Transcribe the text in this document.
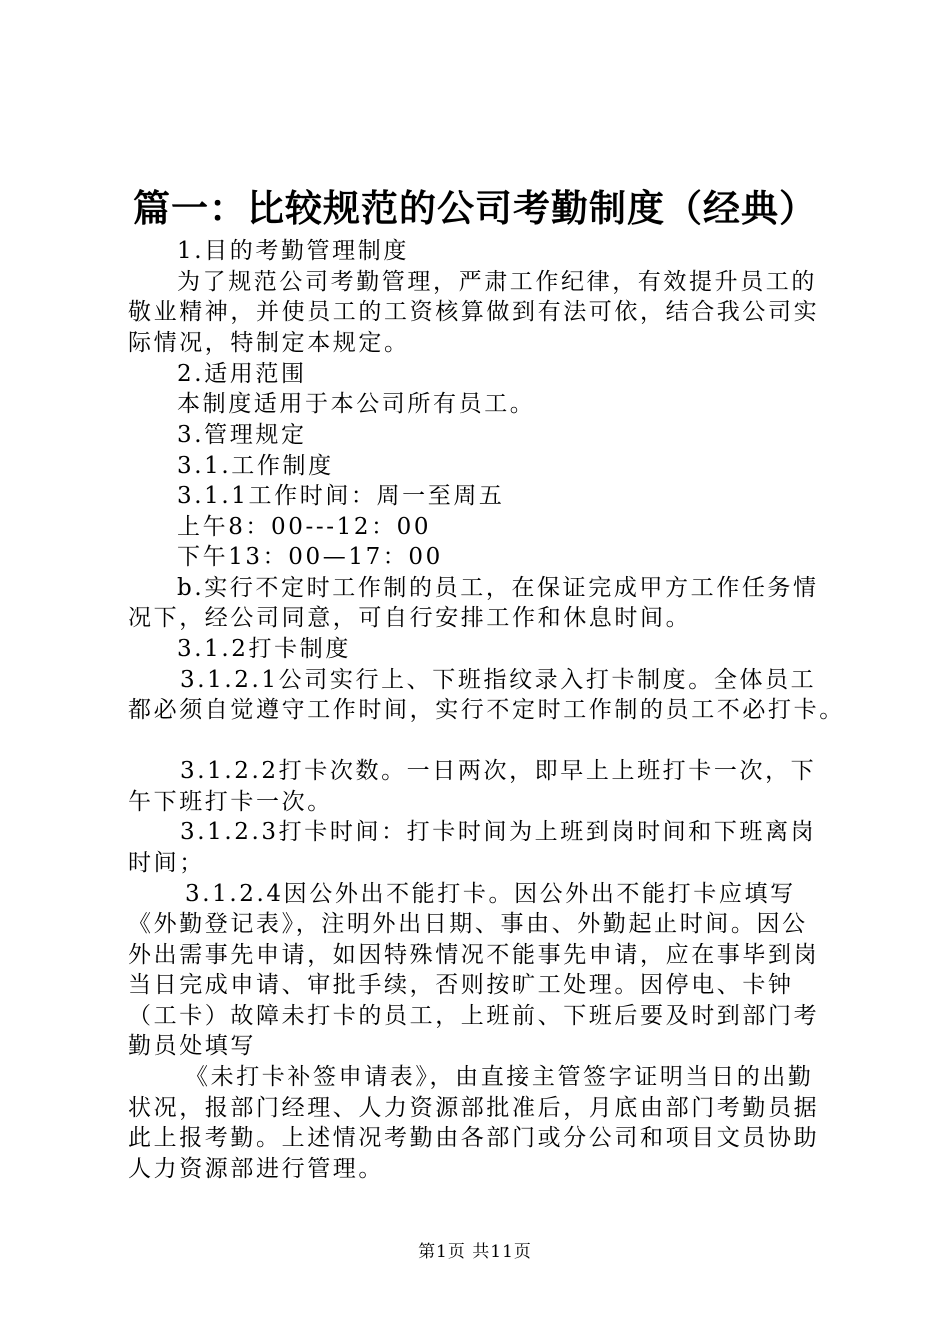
篇一：比较规范的公司考勤制度（经典）
1.目的考勤管理制度
为了规范公司考勤管理，严肃工作纪律，有效提升员工的
敬业精神，并使员工的工资核算做到有法可依，结合我公司实
际情况，特制定本规定。
2.适用范围
本制度适用于本公司所有员工。
3.管理规定
3.1.工作制度
3.1.1工作时间：周一至周五
上午8：00---12：00
下午13：00—17：00
b.实行不定时工作制的员工，在保证完成甲方工作任务情
况下，经公司同意，可自行安排工作和休息时间。
3.1.2打卡制度
3.1.2.1公司实行上、下班指纹录入打卡制度。全体员工
都必须自觉遵守工作时间，实行不定时工作制的员工不必打卡。
3.1.2.2打卡次数。一日两次，即早上上班打卡一次，下
午下班打卡一次。
3.1.2.3打卡时间：打卡时间为上班到岗时间和下班离岗
时间；
3.1.2.4因公外出不能打卡。因公外出不能打卡应填写
《外勤登记表》，注明外出日期、事由、外勤起止时间。因公
外出需事先申请，如因特殊情况不能事先申请，应在事毕到岗
当日完成申请、审批手续，否则按旷工处理。因停电、卡钟
（工卡）故障未打卡的员工，上班前、下班后要及时到部门考
勤员处填写
《未打卡补签申请表》，由直接主管签字证明当日的出勤
状况，报部门经理、人力资源部批准后，月底由部门考勤员据
此上报考勤。上述情况考勤由各部门或分公司和项目文员协助
人力资源部进行管理。
第1页 共11页
